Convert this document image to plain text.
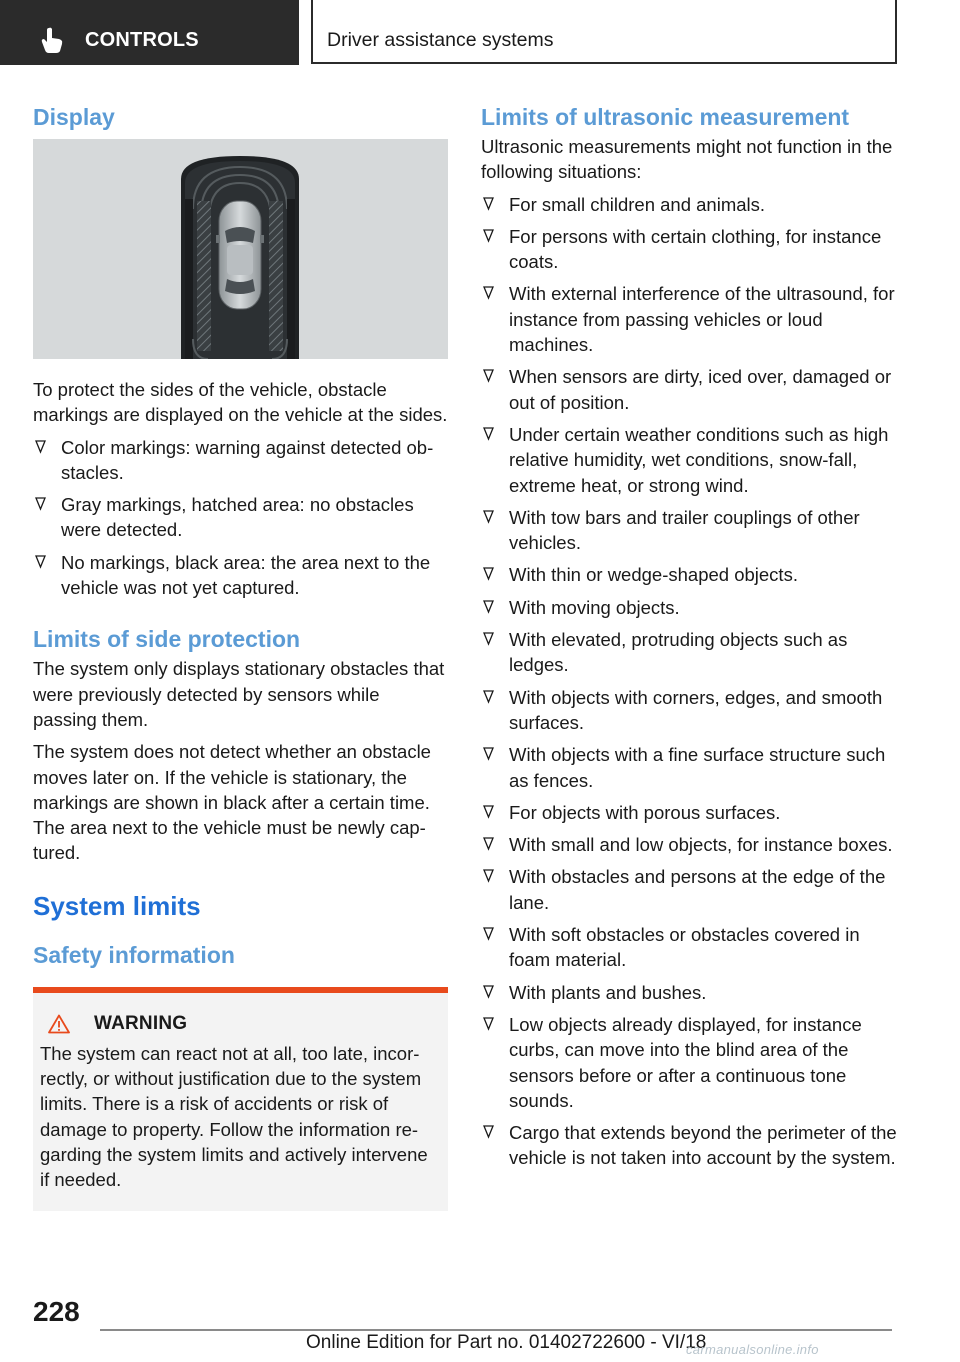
CONTROLS	Driver assistance systems
Display

To protect the sides of the vehicle, obstacle markings are displayed on the vehicle at the sides.

Color markings: warning against detected ob‐stacles.
Gray markings, hatched area: no obstacles were detected.
No markings, black area: the area next to the vehicle was not yet captured.
Limits of side protection

The system only displays stationary obstacles that were previously detected by sensors while passing them.

The system does not detect whether an obstacle moves later on. If the vehicle is stationary, the markings are shown in black after a certain time. The area next to the vehicle must be newly cap‐tured.

System limits
Safety information
WARNING

The system can react not at all, too late, incor‐rectly, or without justification due to the system limits. There is a risk of accidents or risk of damage to property. Follow the information re‐garding the system limits and actively intervene if needed.

Limits of ultrasonic measurement

Ultrasonic measurements might not function in the following situations:

For small children and animals.
For persons with certain clothing, for instance coats.
With external interference of the ultrasound, for instance from passing vehicles or loud machines.
When sensors are dirty, iced over, damaged or out of position.
Under certain weather conditions such as high relative humidity, wet conditions, snow‐fall, extreme heat, or strong wind.
With tow bars and trailer couplings of other vehicles.
With thin or wedge-shaped objects.
With moving objects.
With elevated, protruding objects such as ledges.
With objects with corners, edges, and smooth surfaces.
With objects with a fine surface structure such as fences.
For objects with porous surfaces.
With small and low objects, for instance boxes.
With obstacles and persons at the edge of the lane.
With soft obstacles or obstacles covered in foam material.
With plants and bushes.
Low objects already displayed, for instance curbs, can move into the blind area of the sensors before or after a continuous tone sounds.
Cargo that extends beyond the perimeter of the vehicle is not taken into account by the system.
228
Online Edition for Part no. 01402722600 - VI/18
carmanualsonline.info
